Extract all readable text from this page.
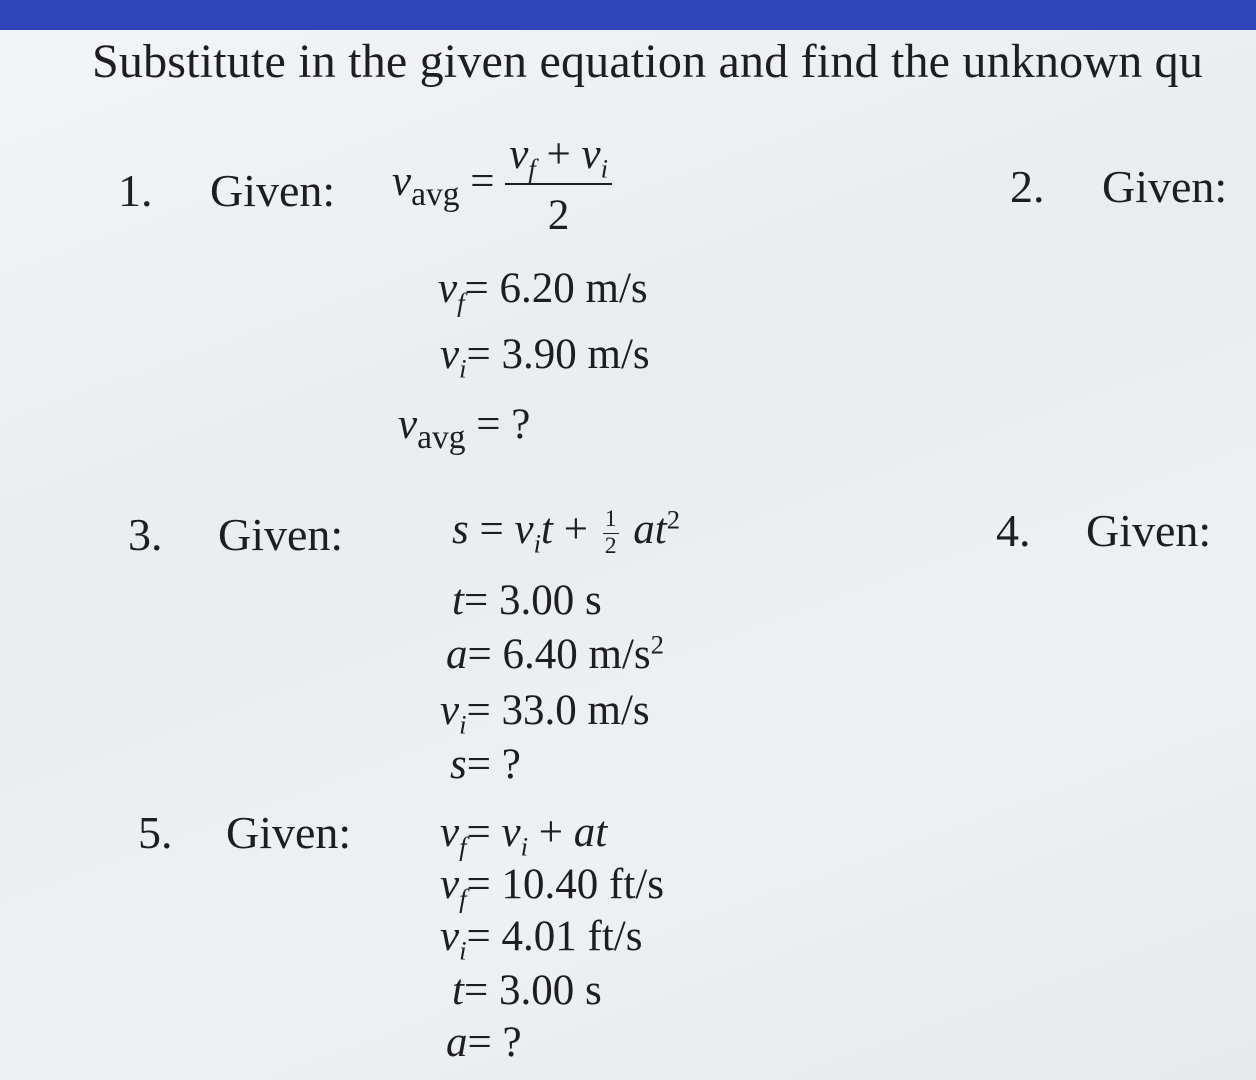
Substitute in the given equation and find the unknown qu
1. Given: $v_{avg} = \frac{v_f + v_i}{2}$
$v_f= 6.20$ m/s
$v_i= 3.90$ m/s
$v_{avg}$ = ?
2. Given:
3. Given:	$s = v_it + \frac{1}{2} at^2$
t= 3.00 s
a= 6.40 $m/s^2$
$v_i= 33.0$ m/s
s= ?
4. Given:
5. Given: $v_f= v_i$ + at
$v_f= 10.40$ ft/s
$v_i= 4.01$ ft/s
t= 3.00 s
a= ?
